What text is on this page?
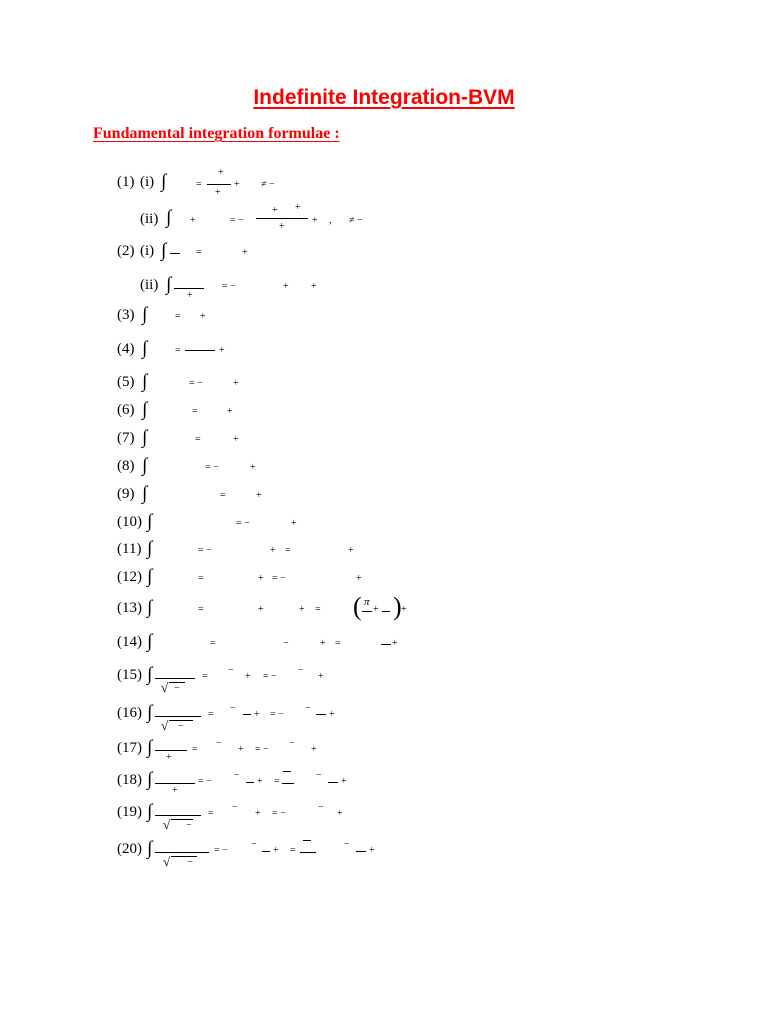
Indefinite Integration-BVM
Fundamental integration formulae :
(1) (i) ∫	=
+
+
+ ≠ −
(ii) ∫ +	= −
+ +
+
+ , ≠ −
(2) (i) ∫	=	+
(ii) ∫
+
= −	+ +
(3) ∫	= +
(4) ∫	=	+
(5) ∫	= −	+
(6) ∫	=	+
(7) ∫	=	+
(8) ∫	= −	+
(9) ∫	=	+
(10) ∫	= −	+
(11) ∫	= −	+ =	+
(12) ∫	=	+ = −	+
(13) ∫	=	+	+ = ( π
+ ) +
(14) ∫	=	−	+ =	+
(15) ∫
√ −
=
−
+ = −
−
+
(16) ∫
√ −
=
−
+ = −
−
+
(17) ∫ +
=
−
+ = −
−
+
(18) ∫
+
= −
−
+ =
−
+
(19) ∫
√ −
=
−
+ = −
−
+
(20) ∫
√ −
= −
−
+ =
−
+
